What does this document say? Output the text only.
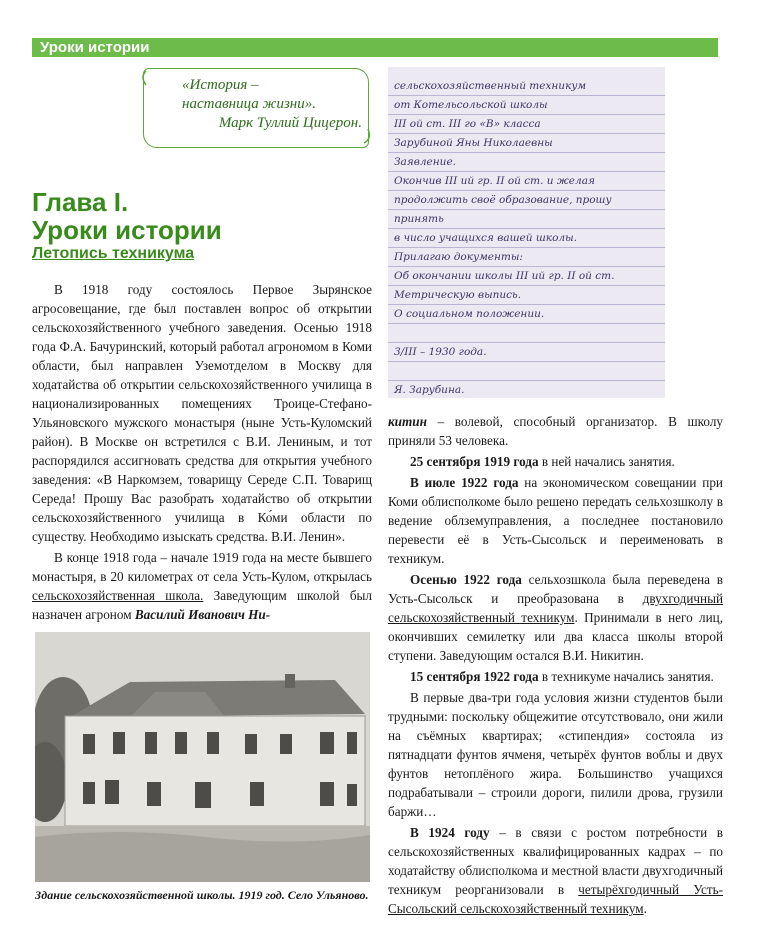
Уроки истории
«История –
наставница жизни».

Марк Туллий Цицерон.
Глава I.
Уроки истории
Летопись техникума

В 1918 году состоялось Первое Зырянское агросовещание, где был поставлен вопрос об открытии сельскохозяйственного учебного заведения. Осенью 1918 года Ф.А. Бачуринский, который работал агрономом в Коми области, был направлен Уземотделом в Москву для ходатайства об открытии сельскохозяйственного училища в национализированных помещениях Троице-Стефано-Ульяновского мужского монастыря (ныне Усть-Куломский район). В Москве он встретился с В.И. Лениным, и тот распорядился ассигновать средства для открытия учебного заведения: «В Наркомзем, товарищу Середе С.П. Товарищ Середа! Прошу Вас разобрать ходатайство об открытии сельскохозяйственного училища в Ко́ми области по существу. Необходимо изыскать средства. В.И. Ленин».

В конце 1918 года – начале 1919 года на месте бывшего монастыря, в 20 километрах от села Усть-Кулом, открылась сельскохозяйственная школа. Заведующим школой был назначен агроном Василий Иванович Ни-

Здание сельскохозяйственной школы. 1919 год. Село Ульяново.
сельскохозяйственный техникум
от Котельсольской школы
III ой ст. III го «В» класса
Зарубиной Яны Николаевны
Заявление.
Окончив III ий гр. II ой ст. и желая продолжить своё образование, прошу принять
в число учащихся вашей школы.
Прилагаю документы:
Об окончании школы III ий гр. II ой ст.
Метрическую выпись.
О социальном положении.

3/III – 1930 года.

Я. Зарубина.

китин – волевой, способный организатор. В школу приняли 53 человека.

25 сентября 1919 года в ней начались занятия.

В июле 1922 года на экономическом совещании при Коми облисполкоме было решено передать сельхозшколу в ведение облземуправления, а последнее постановило перевести её в Усть-Сысольск и переименовать в техникум.

Осенью 1922 года сельхозшкола была переведена в Усть-Сысольск и преобразована в двухгодичный сельскохозяйственный техникум. Принимали в него лиц, окончивших семилетку или два класса школы второй ступени. Заведующим остался В.И. Никитин.

15 сентября 1922 года в техникуме начались занятия.

В первые два-три года условия жизни студентов были трудными: поскольку общежитие отсутствовало, они жили на съёмных квартирах; «стипендия» состояла из пятнадцати фунтов ячменя, четырёх фунтов воблы и двух фунтов нетоплёного жира. Большинство учащихся подрабатывали – строили дороги, пилили дрова, грузили баржи…

В 1924 году – в связи с ростом потребности в сельскохозяйственных квалифицированных кадрах – по ходатайству облисполкома и местной власти двухгодичный техникум реорганизовали в четырёхгодичный Усть-Сысольский сельскохозяйственный техникум.
